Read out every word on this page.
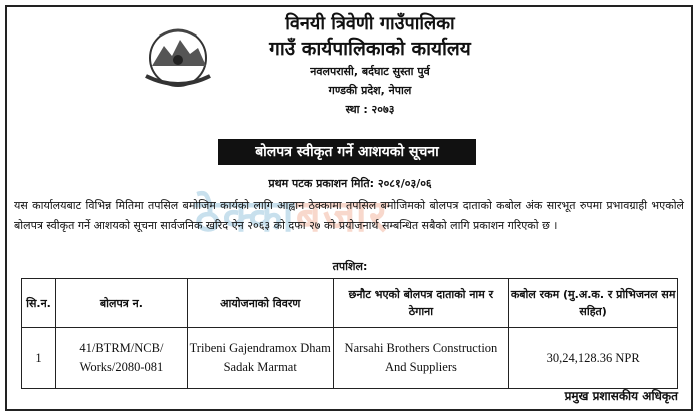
विनयी त्रिवेणी गाउँपालिका
गाउँ कार्यपालिकाको कार्यालय
नवलपरासी, बर्दघाट सुस्ता पुर्व
गण्डकी प्रदेश, नेपाल
स्था : २०७३
बोलपत्र स्वीकृत गर्ने आशयको सूचना
प्रथम पटक प्रकाशन मिति: २०८१/०३/०६
ठेक्काबजार
यस कार्यालयबाट विभिन्न मितिमा तपसिल बमोजिम कार्यको लागि आह्वान ठेक्कामा तपसिल बमोजिमको बोलपत्र दाताको कबोल अंक सारभूत रुपमा प्रभावग्राही भएकोले बोलपत्र स्वीकृत गर्ने आशयको सूचना सार्वजनिक खरिद ऐन २०६३ को दफा २७ को प्रयोजनार्थ सम्बन्धित सबैको लागि प्रकाशन गरिएको छ ।
तपशिल:
सि.न.	बोलपत्र न.	आयोजनाको विवरण	छनौट भएको बोलपत्र दाताको नाम र ठेगाना	कबोल रकम (मु.अ.क. र प्रोभिजनल सम सहित)
1	41/BTRM/NCB/ Works/2080-081	Tribeni Gajendramox Dham Sadak Marmat	Narsahi Brothers Construction And Suppliers	30,24,128.36 NPR
प्रमुख प्रशासकीय अधिकृत
